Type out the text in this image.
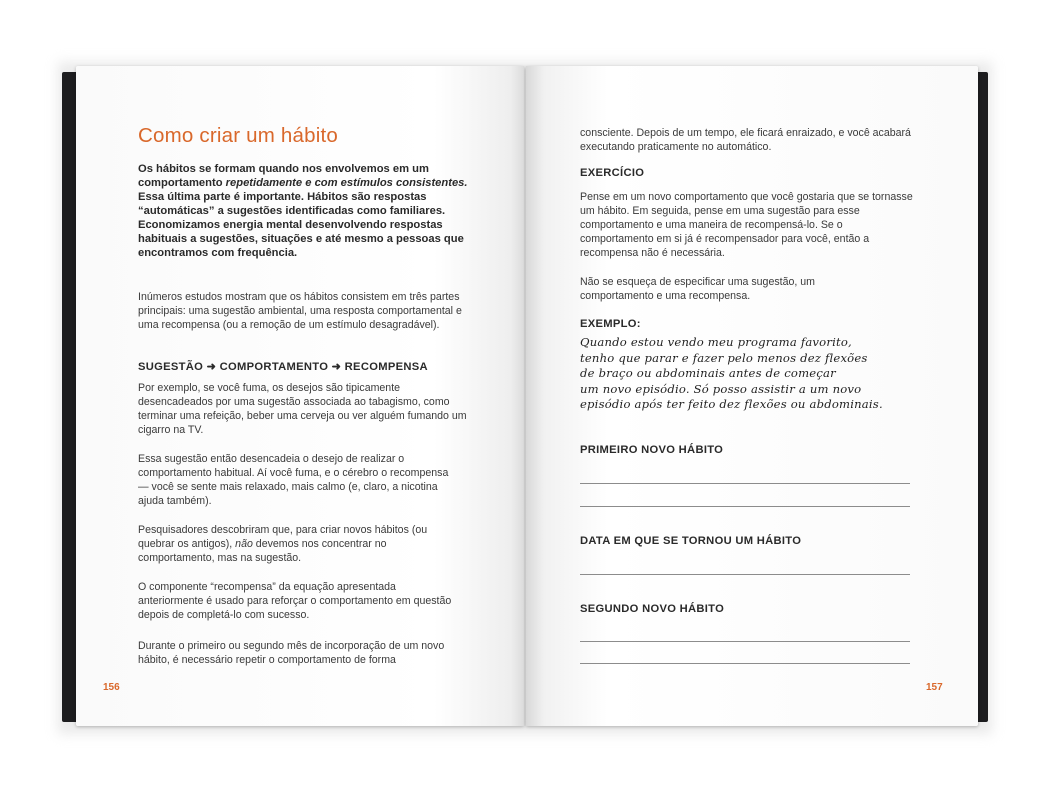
Como criar um hábito
Os hábitos se formam quando nos envolvemos em um comportamento repetidamente e com estímulos consistentes. Essa última parte é importante. Hábitos são respostas “automáticas” a sugestões identificadas como familiares. Economizamos energia mental desenvolvendo respostas habituais a sugestões, situações e até mesmo a pessoas que encontramos com frequência.
Inúmeros estudos mostram que os hábitos consistem em três partes principais: uma sugestão ambiental, uma resposta comportamental e uma recompensa (ou a remoção de um estímulo desagradável).
SUGESTÃO ➜ COMPORTAMENTO ➜ RECOMPENSA
Por exemplo, se você fuma, os desejos são tipicamente desencadeados por uma sugestão associada ao tabagismo, como terminar uma refeição, beber uma cerveja ou ver alguém fumando um cigarro na TV.
Essa sugestão então desencadeia o desejo de realizar o comportamento habitual. Aí você fuma, e o cérebro o recompensa — você se sente mais relaxado, mais calmo (e, claro, a nicotina ajuda também).
Pesquisadores descobriram que, para criar novos hábitos (ou quebrar os antigos), não devemos nos concentrar no comportamento, mas na sugestão.
O componente “recompensa” da equação apresentada anteriormente é usado para reforçar o comportamento em questão depois de completá-lo com sucesso.
Durante o primeiro ou segundo mês de incorporação de um novo hábito, é necessário repetir o comportamento de forma
156
consciente. Depois de um tempo, ele ficará enraizado, e você acabará executando praticamente no automático.
EXERCÍCIO
Pense em um novo comportamento que você gostaria que se tornasse um hábito. Em seguida, pense em uma sugestão para esse comportamento e uma maneira de recompensá-lo. Se o comportamento em si já é recompensador para você, então a recompensa não é necessária.
Não se esqueça de especificar uma sugestão, um comportamento e uma recompensa.
EXEMPLO:
Quando estou vendo meu programa favorito,
tenho que parar e fazer pelo menos dez flexões
de braço ou abdominais antes de começar
um novo episódio. Só posso assistir a um novo
episódio após ter feito dez flexões ou abdominais.
PRIMEIRO NOVO HÁBITO
DATA EM QUE SE TORNOU UM HÁBITO
SEGUNDO NOVO HÁBITO
157
